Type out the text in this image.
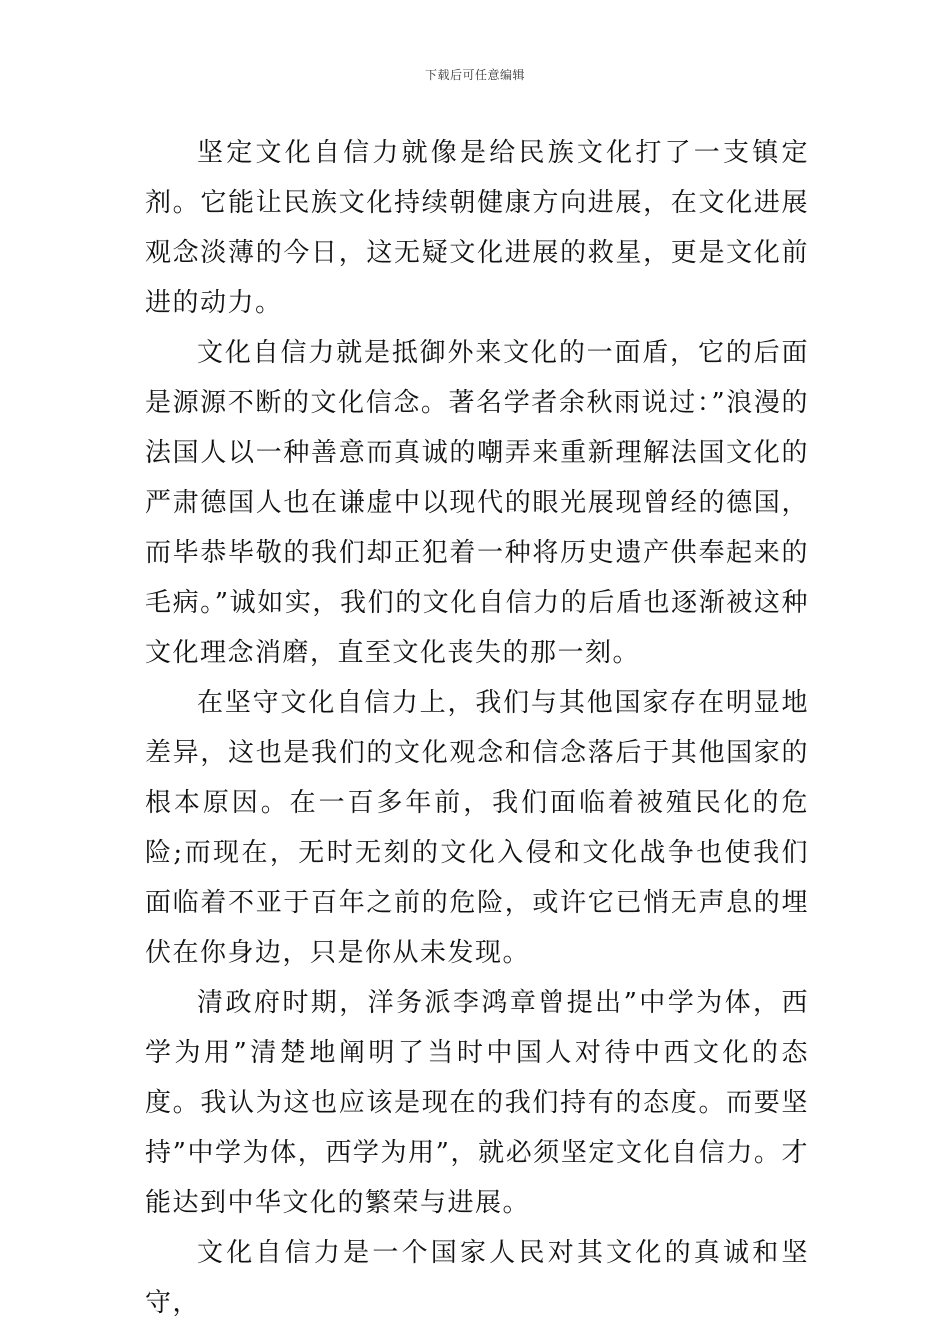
下载后可任意编辑

坚定文化自信力就像是给民族文化打了一支镇定剂。它能让民族文化持续朝健康方向进展，在文化进展观念淡薄的今日，这无疑文化进展的救星，更是文化前进的动力。

文化自信力就是抵御外来文化的一面盾，它的后面是源源不断的文化信念。著名学者余秋雨说过：”浪漫的法国人以一种善意而真诚的嘲弄来重新理解法国文化的严肃德国人也在谦虚中以现代的眼光展现曾经的德国，而毕恭毕敬的我们却正犯着一种将历史遗产供奉起来的毛病。”诚如实，我们的文化自信力的后盾也逐渐被这种文化理念消磨，直至文化丧失的那一刻。

在坚守文化自信力上，我们与其他国家存在明显地差异，这也是我们的文化观念和信念落后于其他国家的根本原因。在一百多年前，我们面临着被殖民化的危险;而现在，无时无刻的文化入侵和文化战争也使我们面临着不亚于百年之前的危险，或许它已悄无声息的埋伏在你身边，只是你从未发现。

清政府时期，洋务派李鸿章曾提出”中学为体，西学为用”清楚地阐明了当时中国人对待中西文化的态度。我认为这也应该是现在的我们持有的态度。而要坚持”中学为体，西学为用”，就必须坚定文化自信力。才能达到中华文化的繁荣与进展。

文化自信力是一个国家人民对其文化的真诚和坚守，
